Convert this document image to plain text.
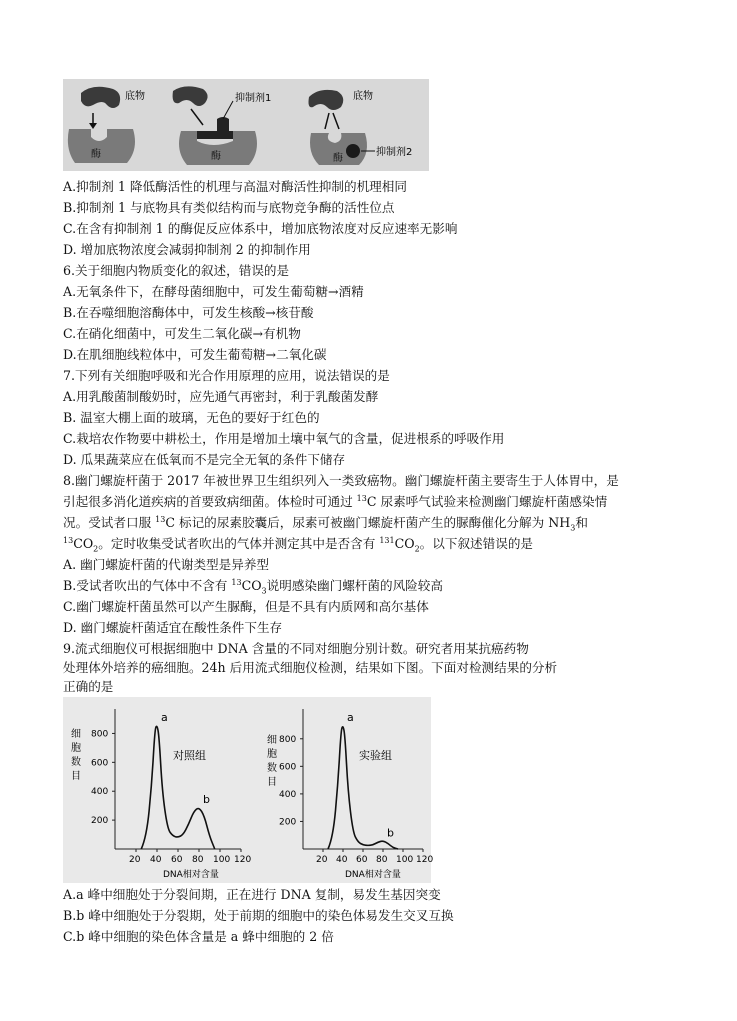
底物
酶
抑制剂1
酶
底物
酶
抑制剂2
A.抑制剂 1 降低酶活性的机理与高温对酶活性抑制的机理相同
B.抑制剂 1 与底物具有类似结构而与底物竞争酶的活性位点
C.在含有抑制剂 1 的酶促反应体系中，增加底物浓度对反应速率无影响
D. 增加底物浓度会减弱抑制剂 2 的抑制作用
6.关于细胞内物质变化的叙述，错误的是
A.无氧条件下，在酵母菌细胞中，可发生葡萄糖→酒精
B.在吞噬细胞溶酶体中，可发生核酸→核苷酸
C.在硝化细菌中，可发生二氧化碳→有机物
D.在肌细胞线粒体中，可发生葡萄糖→二氧化碳
7.下列有关细胞呼吸和光合作用原理的应用，说法错误的是
A.用乳酸菌制酸奶时，应先通气再密封，利于乳酸菌发酵
B. 温室大棚上面的玻璃，无色的要好于红色的
C.栽培农作物要中耕松土，作用是增加土壤中氧气的含量，促进根系的呼吸作用
D. 瓜果蔬菜应在低氧而不是完全无氧的条件下储存
8.幽门螺旋杆菌于 2017 年被世界卫生组织列入一类致癌物。幽门螺旋杆菌主要寄生于人体胃中，是
引起很多消化道疾病的首要致病细菌。体检时可通过 $^{13}$C 尿素呼气试验来检测幽门螺旋杆菌感染情
况。受试者口服 $^{13}$C 标记的尿素胶囊后，尿素可被幽门螺旋杆菌产生的脲酶催化分解为 $NH_3$和
$^{13}CO_2$。定时收集受试者吹出的气体并测定其中是否含有 $^{131}CO_2$。以下叙述错误的是
A. 幽门螺旋杆菌的代谢类型是异养型
B.受试者吹出的气体中不含有 $^{13}CO_3$说明感染幽门螺杆菌的风险较高
C.幽门螺旋杆菌虽然可以产生脲酶，但是不具有内质网和高尔基体
D. 幽门螺旋杆菌适宜在酸性条件下生存
9.流式细胞仪可根据细胞中 DNA 含量的不同对细胞分别计数。研究者用某抗癌药物
处理体外培养的癌细胞。24h 后用流式细胞仪检测，结果如下图。下面对检测结果的分析
正确的是
细
胞
数
目
200
400
600
800
20 40 60 80 100 120
a
b
对照组
DNA相对含量
细
胞
数
目
200
400
600
800
20 40 60 80 100 120
a
b
实验组
DNA相对含量
A.a 峰中细胞处于分裂间期，正在进行 DNA 复制，易发生基因突变
B.b 峰中细胞处于分裂期，处于前期的细胞中的染色体易发生交叉互换
C.b 峰中细胞的染色体含量是 a 蜂中细胞的 2 倍
